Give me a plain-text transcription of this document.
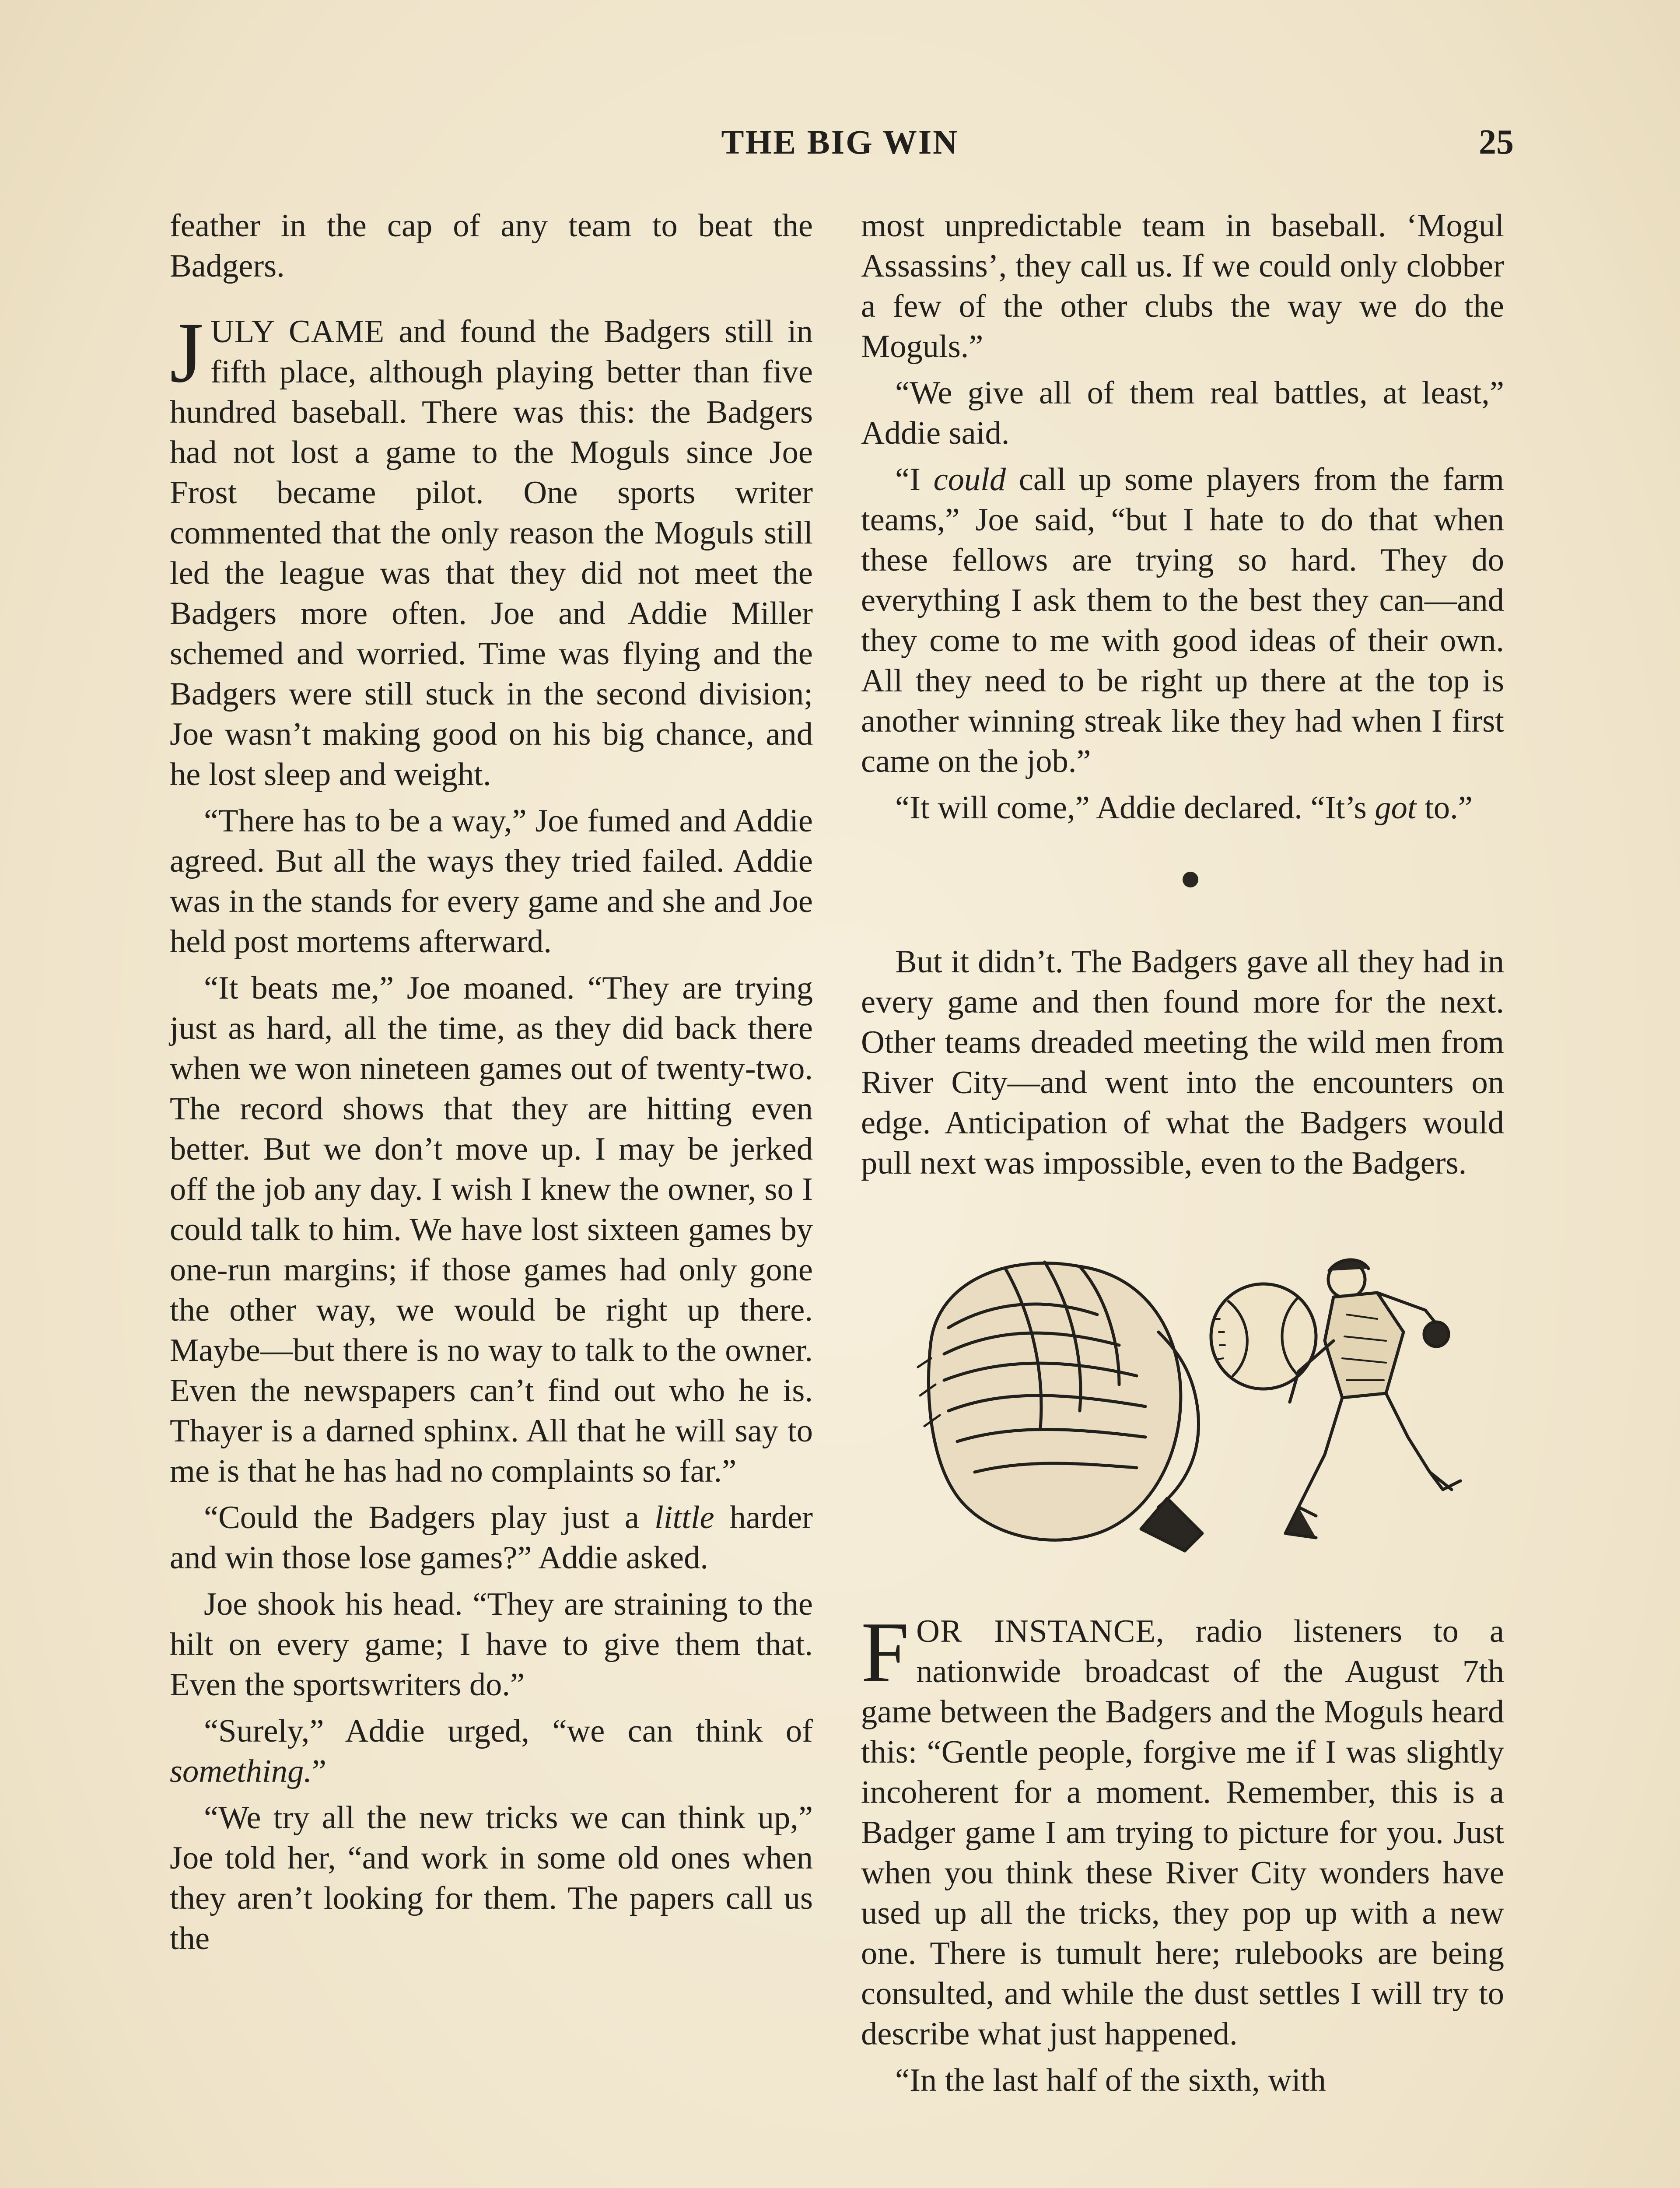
THE BIG WIN	25

feather in the cap of any team to beat the Badgers.

JULY CAME and found the Badgers still in fifth place, although playing better than five hundred baseball. There was this: the Badgers had not lost a game to the Moguls since Joe Frost became pilot. One sports writer commented that the only reason the Moguls still led the league was that they did not meet the Badgers more often. Joe and Addie Miller schemed and worried. Time was flying and the Badgers were still stuck in the second division; Joe wasn’t making good on his big chance, and he lost sleep and weight.

“There has to be a way,” Joe fumed and Addie agreed. But all the ways they tried failed. Addie was in the stands for every game and she and Joe held post mortems afterward.

“It beats me,” Joe moaned. “They are trying just as hard, all the time, as they did back there when we won nineteen games out of twenty-two. The record shows that they are hitting even better. But we don’t move up. I may be jerked off the job any day. I wish I knew the owner, so I could talk to him. We have lost sixteen games by one-run margins; if those games had only gone the other way, we would be right up there. Maybe—but there is no way to talk to the owner. Even the newspapers can’t find out who he is. Thayer is a darned sphinx. All that he will say to me is that he has had no complaints so far.”

“Could the Badgers play just a little harder and win those lose games?” Addie asked.

Joe shook his head. “They are straining to the hilt on every game; I have to give them that. Even the sportswriters do.”

“Surely,” Addie urged, “we can think of something.”

“We try all the new tricks we can think up,” Joe told her, “and work in some old ones when they aren’t looking for them. The papers call us the

most unpredictable team in baseball. ‘Mogul Assassins’, they call us. If we could only clobber a few of the other clubs the way we do the Moguls.”

“We give all of them real battles, at least,” Addie said.

“I could call up some players from the farm teams,” Joe said, “but I hate to do that when these fellows are trying so hard. They do everything I ask them to the best they can—and they come to me with good ideas of their own. All they need to be right up there at the top is another winning streak like they had when I first came on the job.”

“It will come,” Addie declared. “It’s got to.”

But it didn’t. The Badgers gave all they had in every game and then found more for the next. Other teams dreaded meeting the wild men from River City—and went into the encounters on edge. Anticipation of what the Badgers would pull next was impossible, even to the Badgers.

FOR INSTANCE, radio listeners to a nationwide broadcast of the August 7th game between the Badgers and the Moguls heard this: “Gentle people, forgive me if I was slightly incoherent for a moment. Remember, this is a Badger game I am trying to picture for you. Just when you think these River City wonders have used up all the tricks, they pop up with a new one. There is tumult here; rulebooks are being consulted, and while the dust settles I will try to describe what just happened.

“In the last half of the sixth, with
